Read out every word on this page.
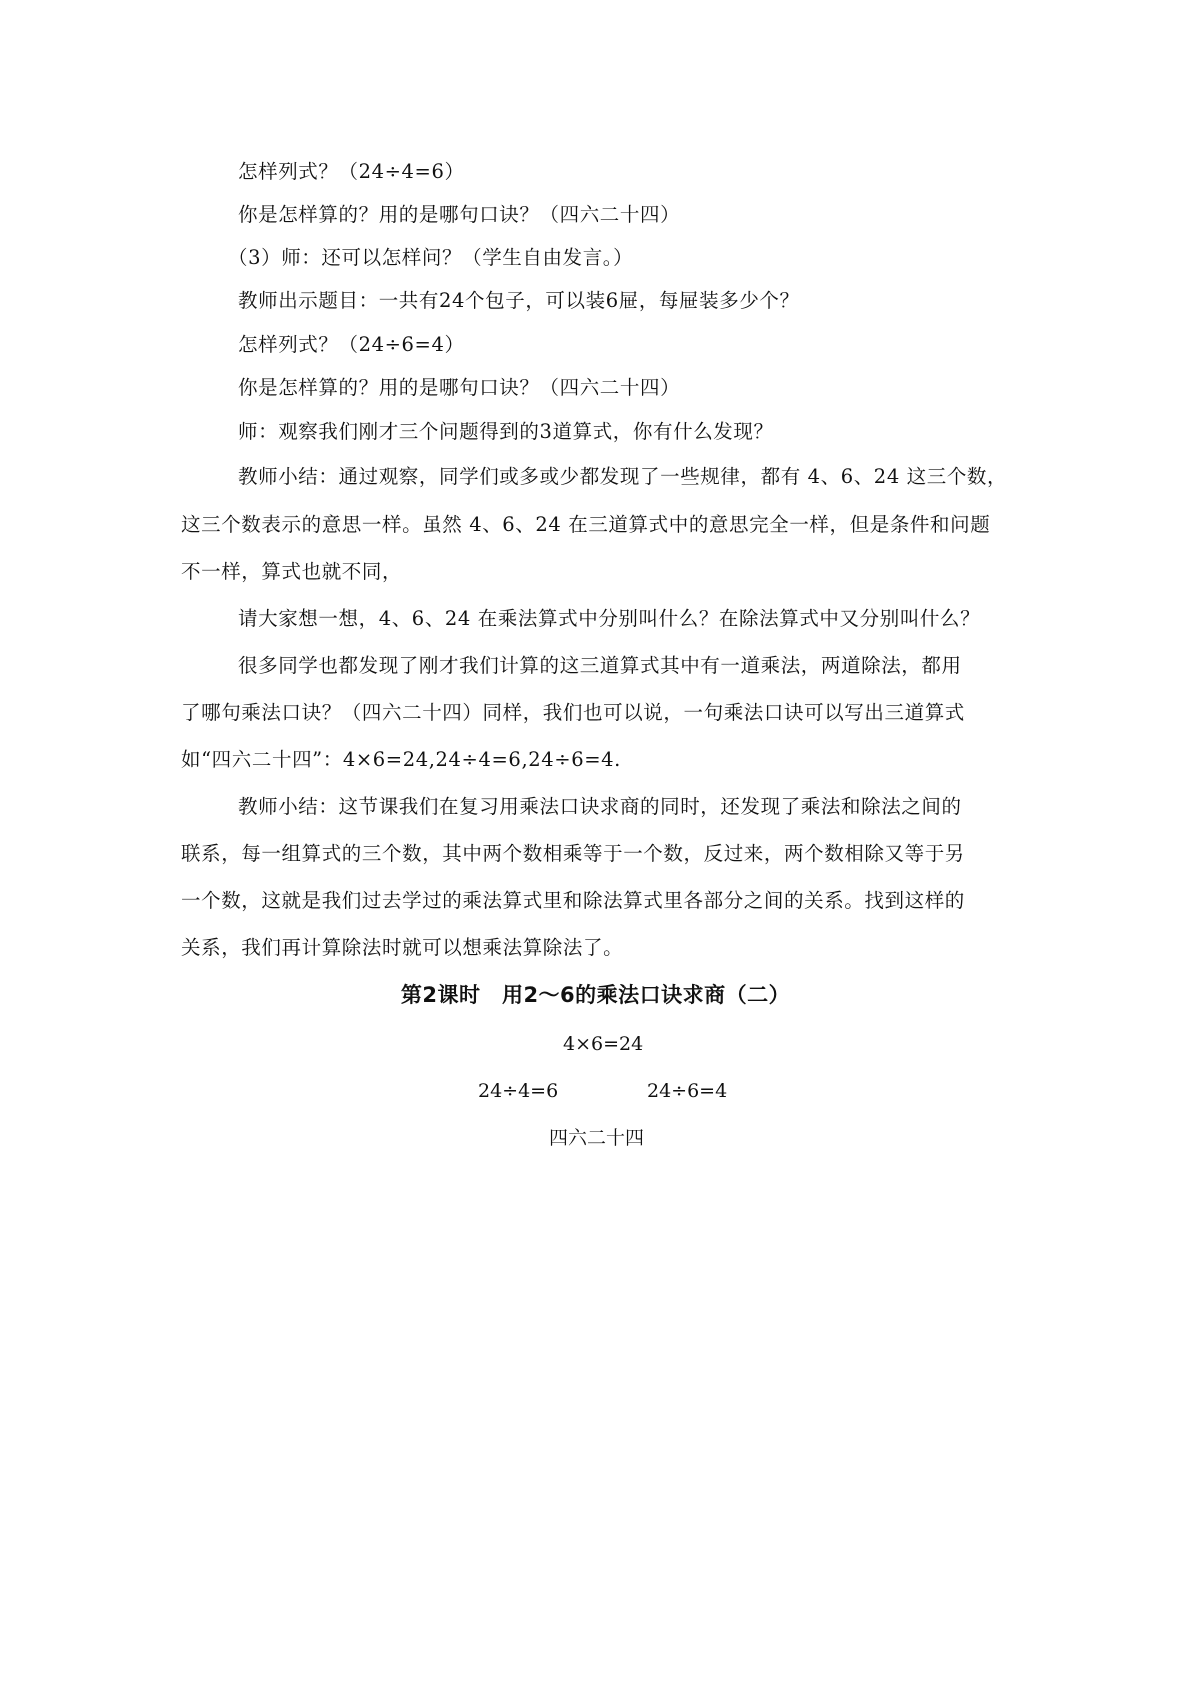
怎样列式？（24÷4=6）
你是怎样算的？用的是哪句口诀？（四六二十四）
（3）师：还可以怎样问？（学生自由发言。）
教师出示题目：一共有24个包子，可以装6屉，每屉装多少个？
怎样列式？（24÷6=4）
你是怎样算的？用的是哪句口诀？（四六二十四）
师：观察我们刚才三个问题得到的3道算式，你有什么发现？
教师小结：通过观察，同学们或多或少都发现了一些规律，都有 4、6、24 这三个数，
这三个数表示的意思一样。虽然 4、6、24 在三道算式中的意思完全一样，但是条件和问题
不一样，算式也就不同，
请大家想一想，4、6、24 在乘法算式中分别叫什么？在除法算式中又分别叫什么？
很多同学也都发现了刚才我们计算的这三道算式其中有一道乘法，两道除法，都用
了哪句乘法口诀？（四六二十四）同样，我们也可以说，一句乘法口诀可以写出三道算式
如“四六二十四”：4×6=24,24÷4=6,24÷6=4.
教师小结：这节课我们在复习用乘法口诀求商的同时，还发现了乘法和除法之间的
联系，每一组算式的三个数，其中两个数相乘等于一个数，反过来，两个数相除又等于另
一个数，这就是我们过去学过的乘法算式里和除法算式里各部分之间的关系。找到这样的
关系，我们再计算除法时就可以想乘法算除法了。
第2课时　用2～6的乘法口诀求商（二）
4×6=24
24÷4=6	24÷6=4
四六二十四
